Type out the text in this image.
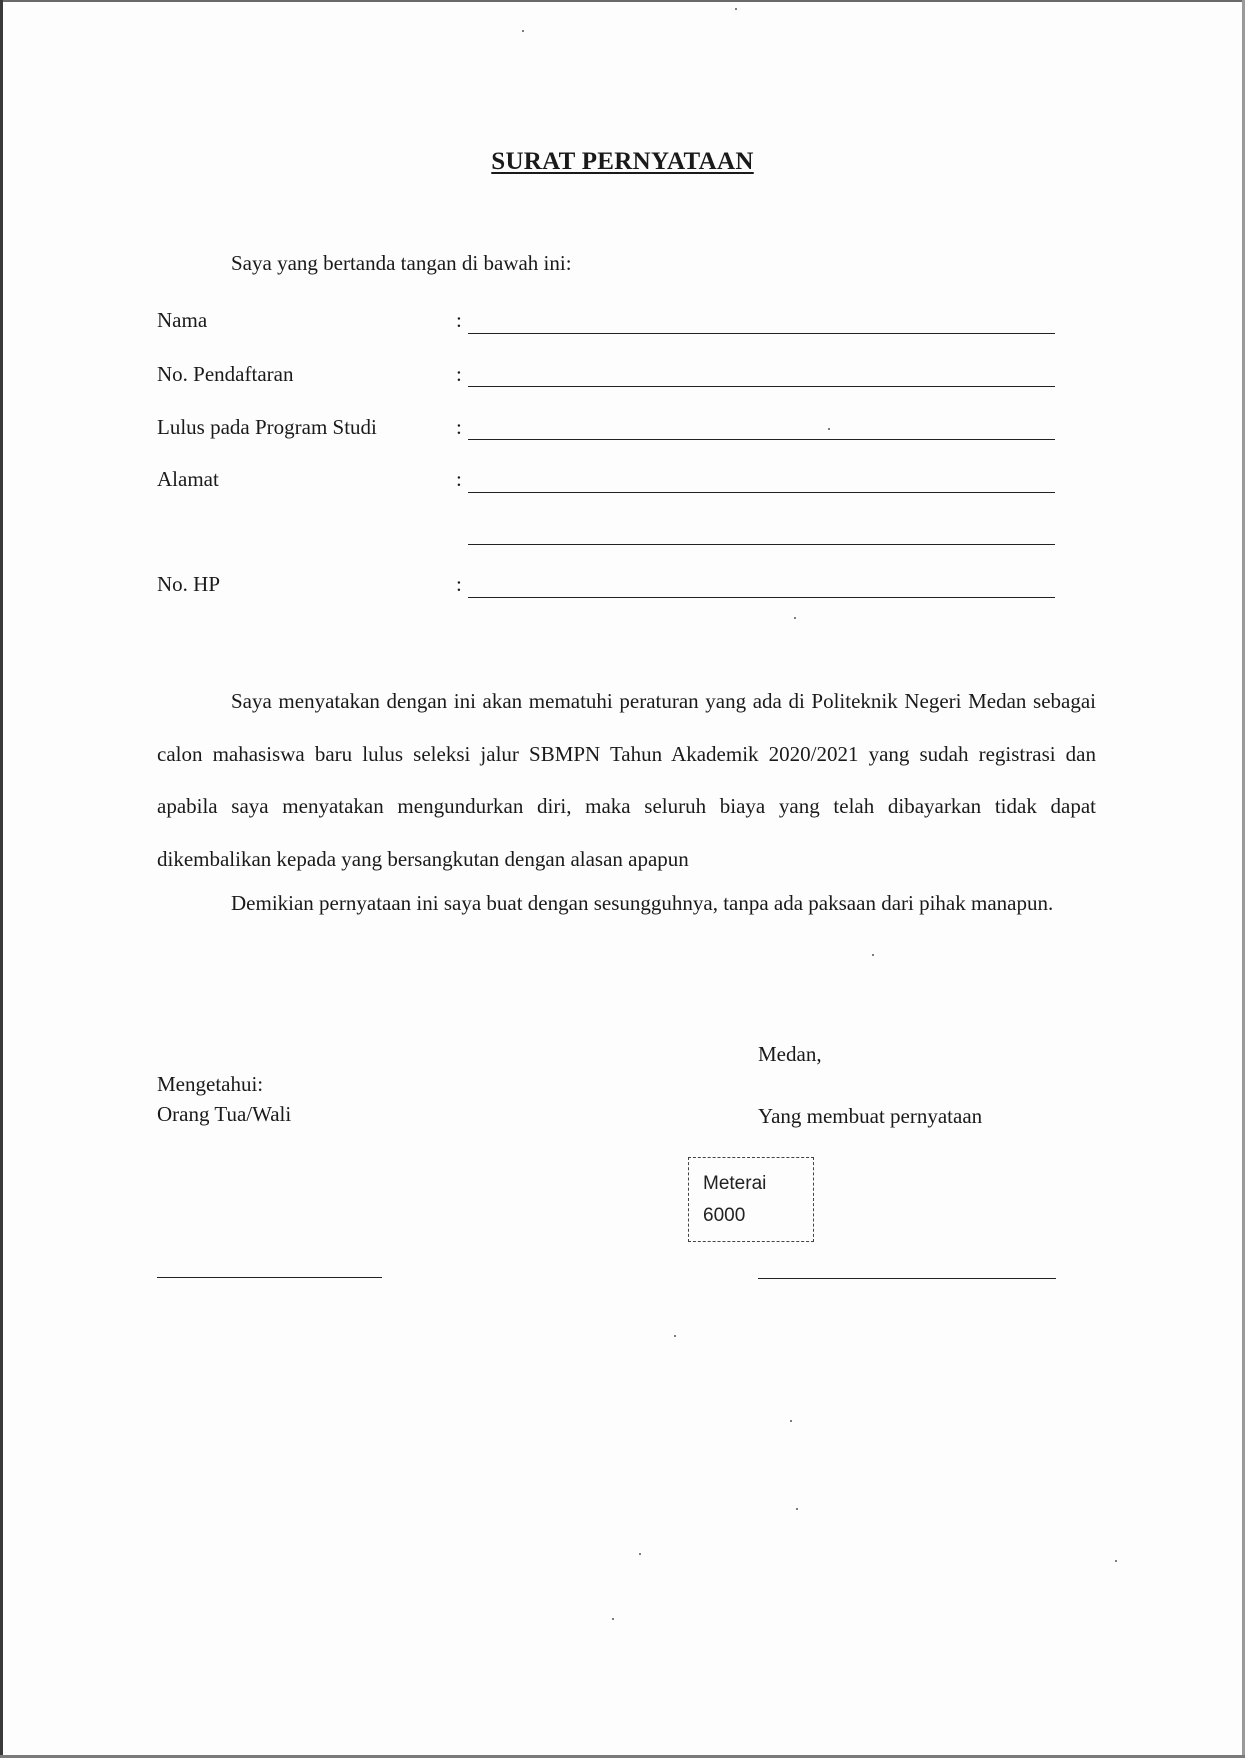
SURAT PERNYATAAN
Saya yang bertanda tangan di bawah ini:
Nama	:
No. Pendaftaran	:
Lulus pada Program Studi	:
Alamat	:
No. HP	:
Saya menyatakan dengan ini akan mematuhi peraturan yang ada di Politeknik Negeri Medan sebagai calon mahasiswa baru lulus seleksi jalur SBMPN Tahun Akademik 2020/2021 yang sudah registrasi dan apabila saya menyatakan mengundurkan diri, maka seluruh biaya yang telah dibayarkan tidak dapat dikembalikan kepada yang bersangkutan dengan alasan apapun
Demikian pernyataan ini saya buat dengan sesungguhnya, tanpa ada paksaan dari pihak manapun.
Medan,
Mengetahui:
Orang Tua/Wali	Yang membuat pernyataan
Meterai
6000
